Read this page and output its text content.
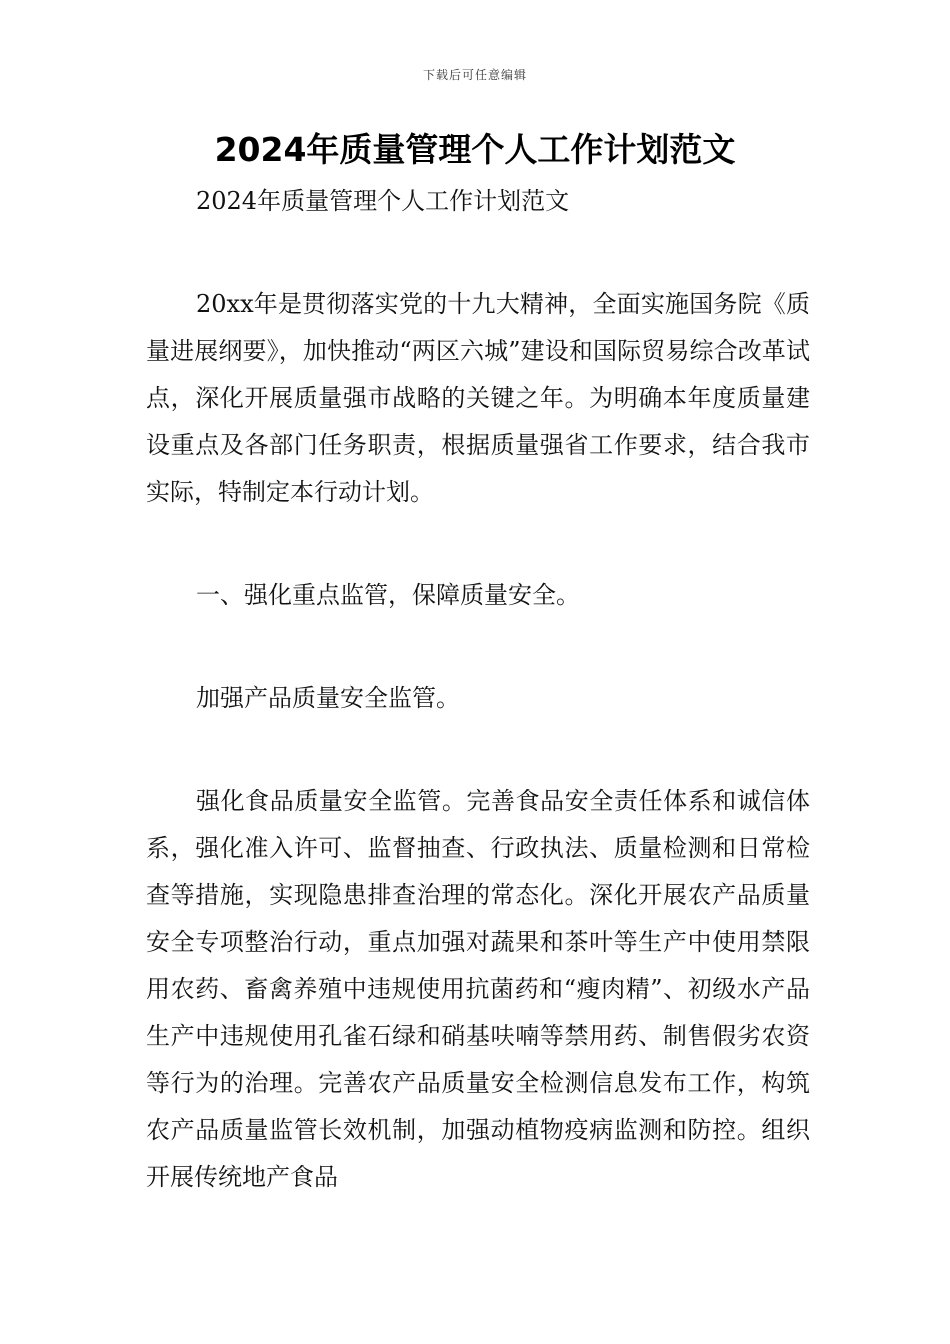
下载后可任意编辑
2024年质量管理个人工作计划范文

2024年质量管理个人工作计划范文

20xx年是贯彻落实党的十九大精神，全面实施国务院《质量进展纲要》，加快推动“两区六城”建设和国际贸易综合改革试点，深化开展质量强市战略的关键之年。为明确本年度质量建设重点及各部门任务职责，根据质量强省工作要求，结合我市实际，特制定本行动计划。

一、强化重点监管，保障质量安全。

加强产品质量安全监管。

强化食品质量安全监管。完善食品安全责任体系和诚信体系，强化准入许可、监督抽查、行政执法、质量检测和日常检查等措施，实现隐患排查治理的常态化。深化开展农产品质量安全专项整治行动，重点加强对蔬果和茶叶等生产中使用禁限用农药、畜禽养殖中违规使用抗菌药和“瘦肉精”、初级水产品生产中违规使用孔雀石绿和硝基呋喃等禁用药、制售假劣农资等行为的治理。完善农产品质量安全检测信息发布工作，构筑农产品质量监管长效机制，加强动植物疫病监测和防控。组织开展传统地产食品
